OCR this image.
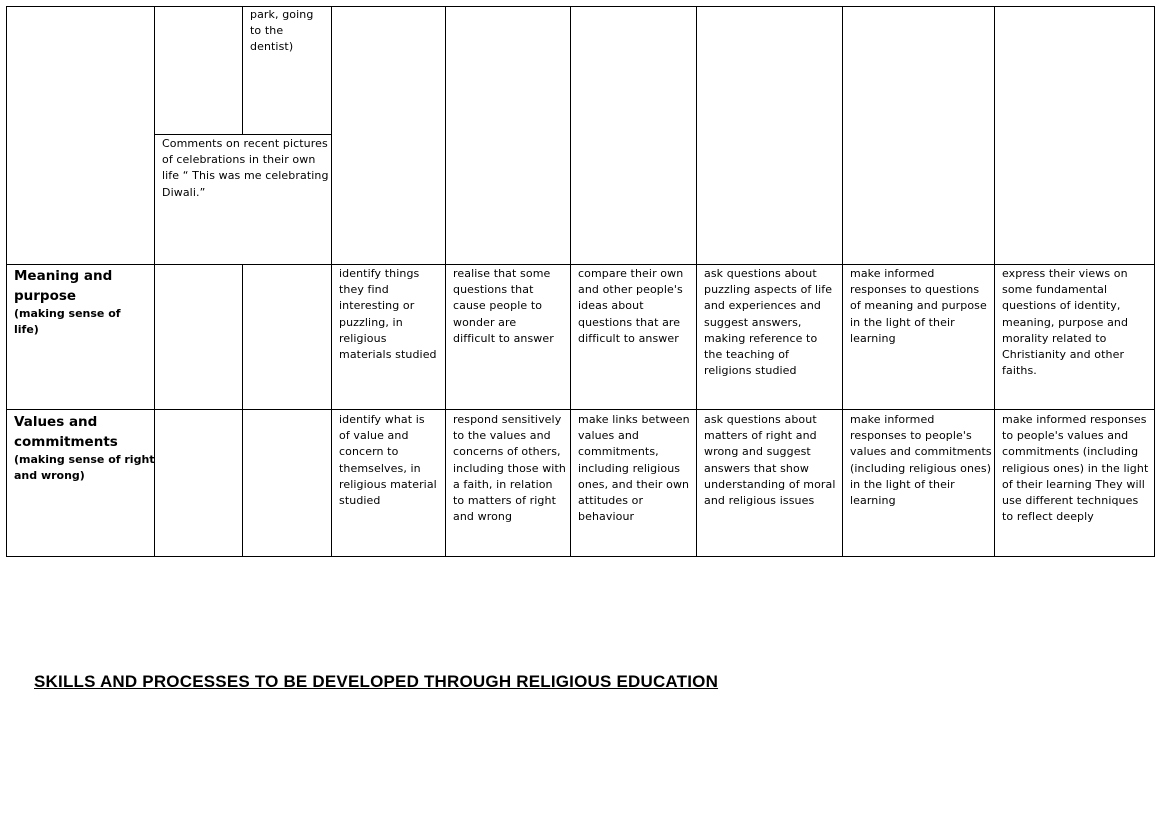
park, going
to the
dentist)
Comments on recent pictures
of celebrations in their own
life “ This was me celebrating
Diwali.”
Meaning and
purpose
(making sense of
life)
identify things
they find
interesting or
puzzling, in
religious
materials studied
realise that some
questions that
cause people to
wonder are
difficult to answer
compare their own
and other people's
ideas about
questions that are
difficult to answer
ask questions about
puzzling aspects of life
and experiences and
suggest answers,
making reference to
the teaching of
religions studied
make informed
responses to questions
of meaning and purpose
in the light of their
learning
express their views on
some fundamental
questions of identity,
meaning, purpose and
morality related to
Christianity and other
faiths.
Values and
commitments
(making sense of right
and wrong)
identify what is
of value and
concern to
themselves, in
religious material
studied
respond sensitively
to the values and
concerns of others,
including those with
a faith, in relation
to matters of right
and wrong
make links between
values and
commitments,
including religious
ones, and their own
attitudes or
behaviour
ask questions about
matters of right and
wrong and suggest
answers that show
understanding of moral
and religious issues
make informed
responses to people's
values and commitments
(including religious ones)
in the light of their
learning
make informed responses
to people's values and
commitments (including
religious ones) in the light
of their learning They will
use different techniques
to reflect deeply
SKILLS AND PROCESSES TO BE DEVELOPED THROUGH RELIGIOUS EDUCATION
